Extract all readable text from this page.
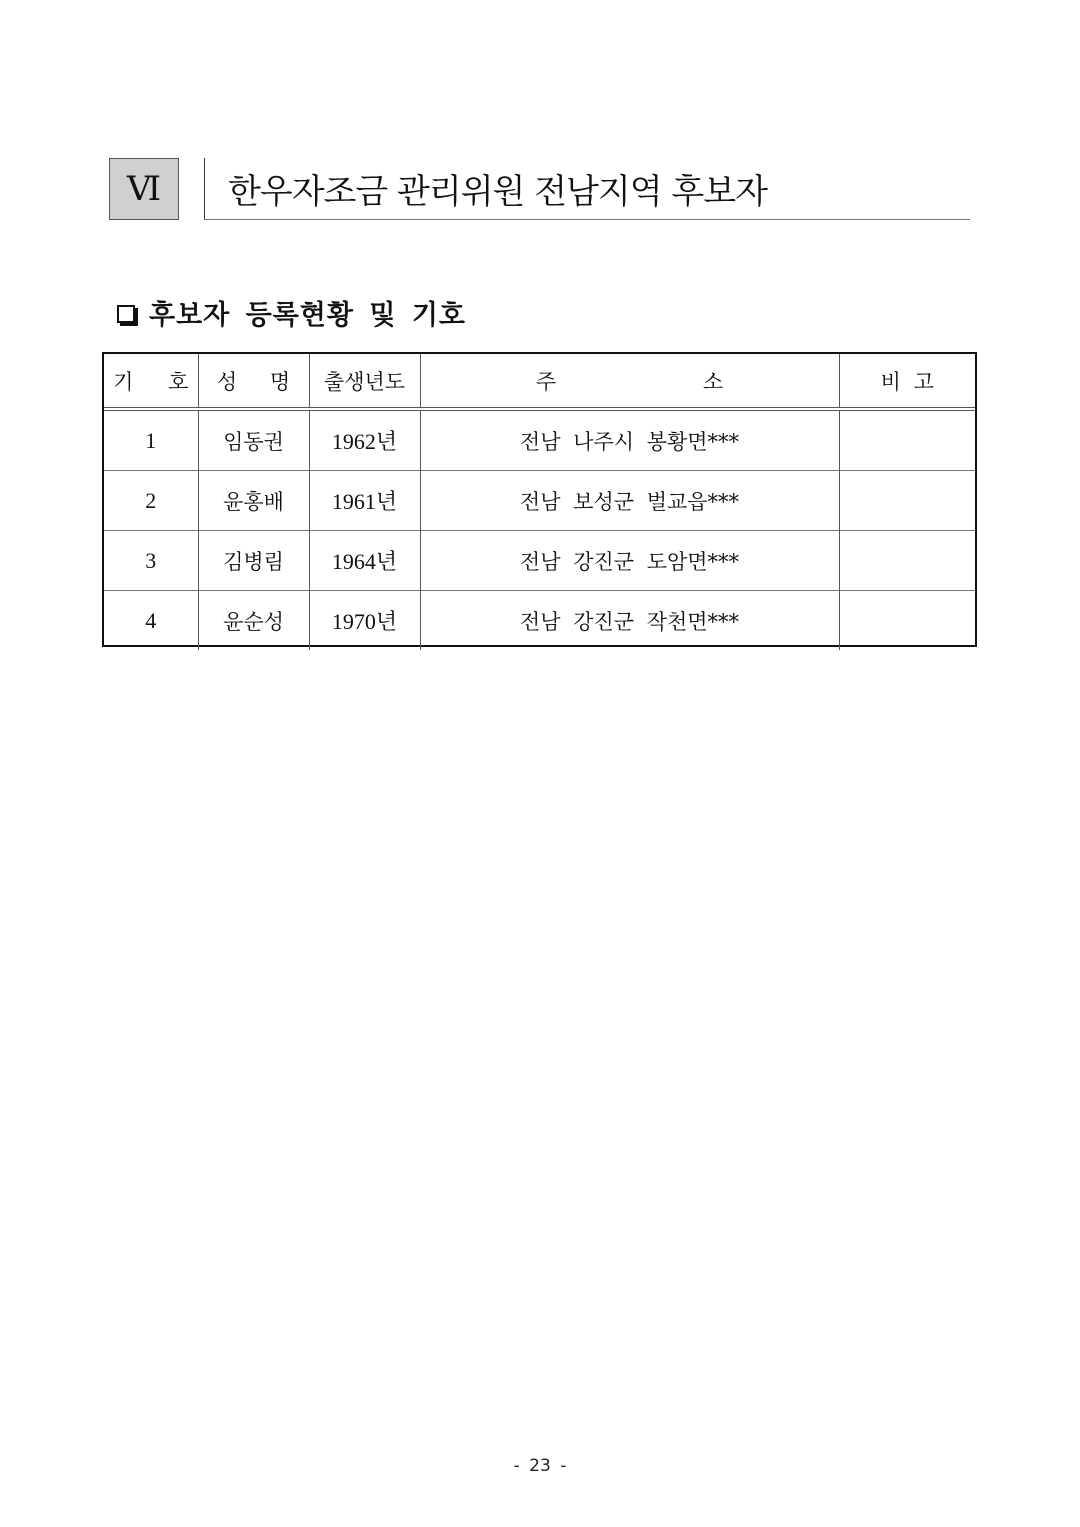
Ⅵ 한우자조금 관리위원 전남지역 후보자
후보자 등록현황 및 기호
기 호	성 명	출생년도	주 소	비 고
1	임동권	1962년	전남 나주시 봉황면***	
2	윤홍배	1961년	전남 보성군 벌교읍***	
3	김병림	1964년	전남 강진군 도암면***	
4	윤순성	1970년	전남 강진군 작천면***	
- 23 -
